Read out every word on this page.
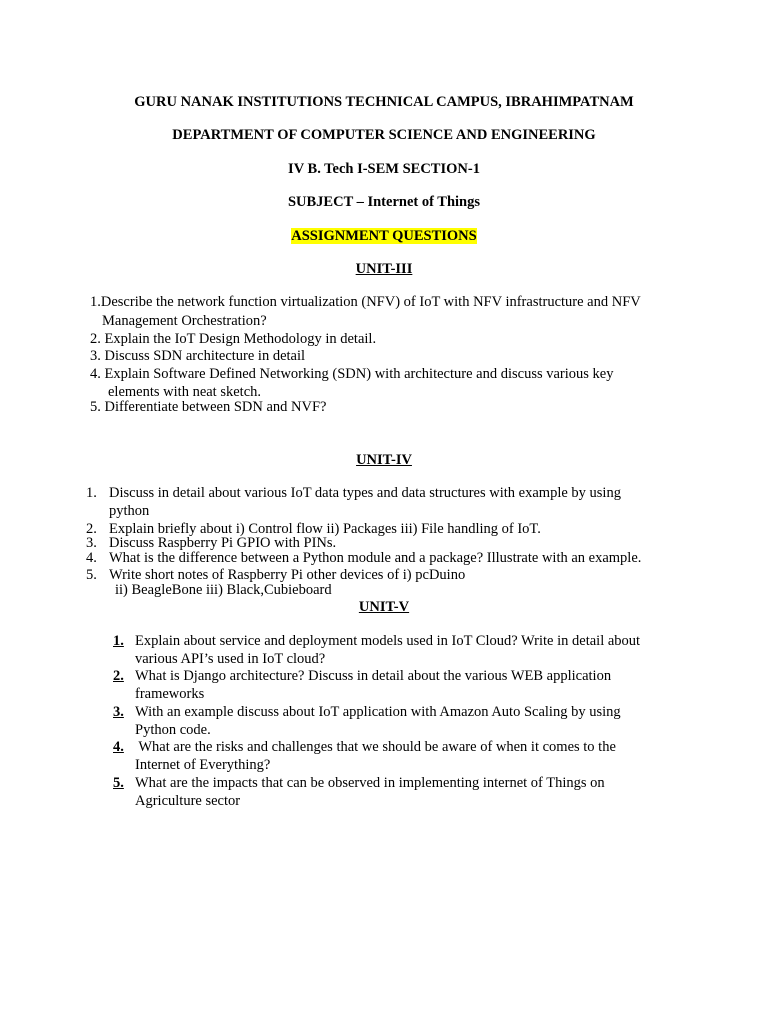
GURU NANAK INSTITUTIONS TECHNICAL CAMPUS, IBRAHIMPATNAM
DEPARTMENT OF COMPUTER SCIENCE AND ENGINEERING
IV B. Tech I-SEM SECTION-1
SUBJECT – Internet of Things
ASSIGNMENT QUESTIONS
UNIT-III
1.Describe the network function virtualization (NFV) of IoT with NFV infrastructure and NFV
Management Orchestration?
2. Explain the IoT Design Methodology in detail.
3. Discuss SDN architecture in detail
4. Explain Software Defined Networking (SDN) with architecture and discuss various key
elements with neat sketch.
5. Differentiate between SDN and NVF?
UNIT-IV
1. Discuss in detail about various IoT data types and data structures with example by using
python
2. Explain briefly about i) Control flow ii) Packages iii) File handling of IoT.
3. Discuss Raspberry Pi GPIO with PINs.
4. What is the difference between a Python module and a package? Illustrate with an example.
5. Write short notes of Raspberry Pi other devices of i) pcDuino
ii) BeagleBone iii) Black,Cubieboard
UNIT-V
1. Explain about service and deployment models used in IoT Cloud? Write in detail about
various API’s used in IoT cloud?
2. What is Django architecture? Discuss in detail about the various WEB application
frameworks
3. With an example discuss about IoT application with Amazon Auto Scaling by using
Python code.
4. What are the risks and challenges that we should be aware of when it comes to the
Internet of Everything?
5. What are the impacts that can be observed in implementing internet of Things on
Agriculture sector
